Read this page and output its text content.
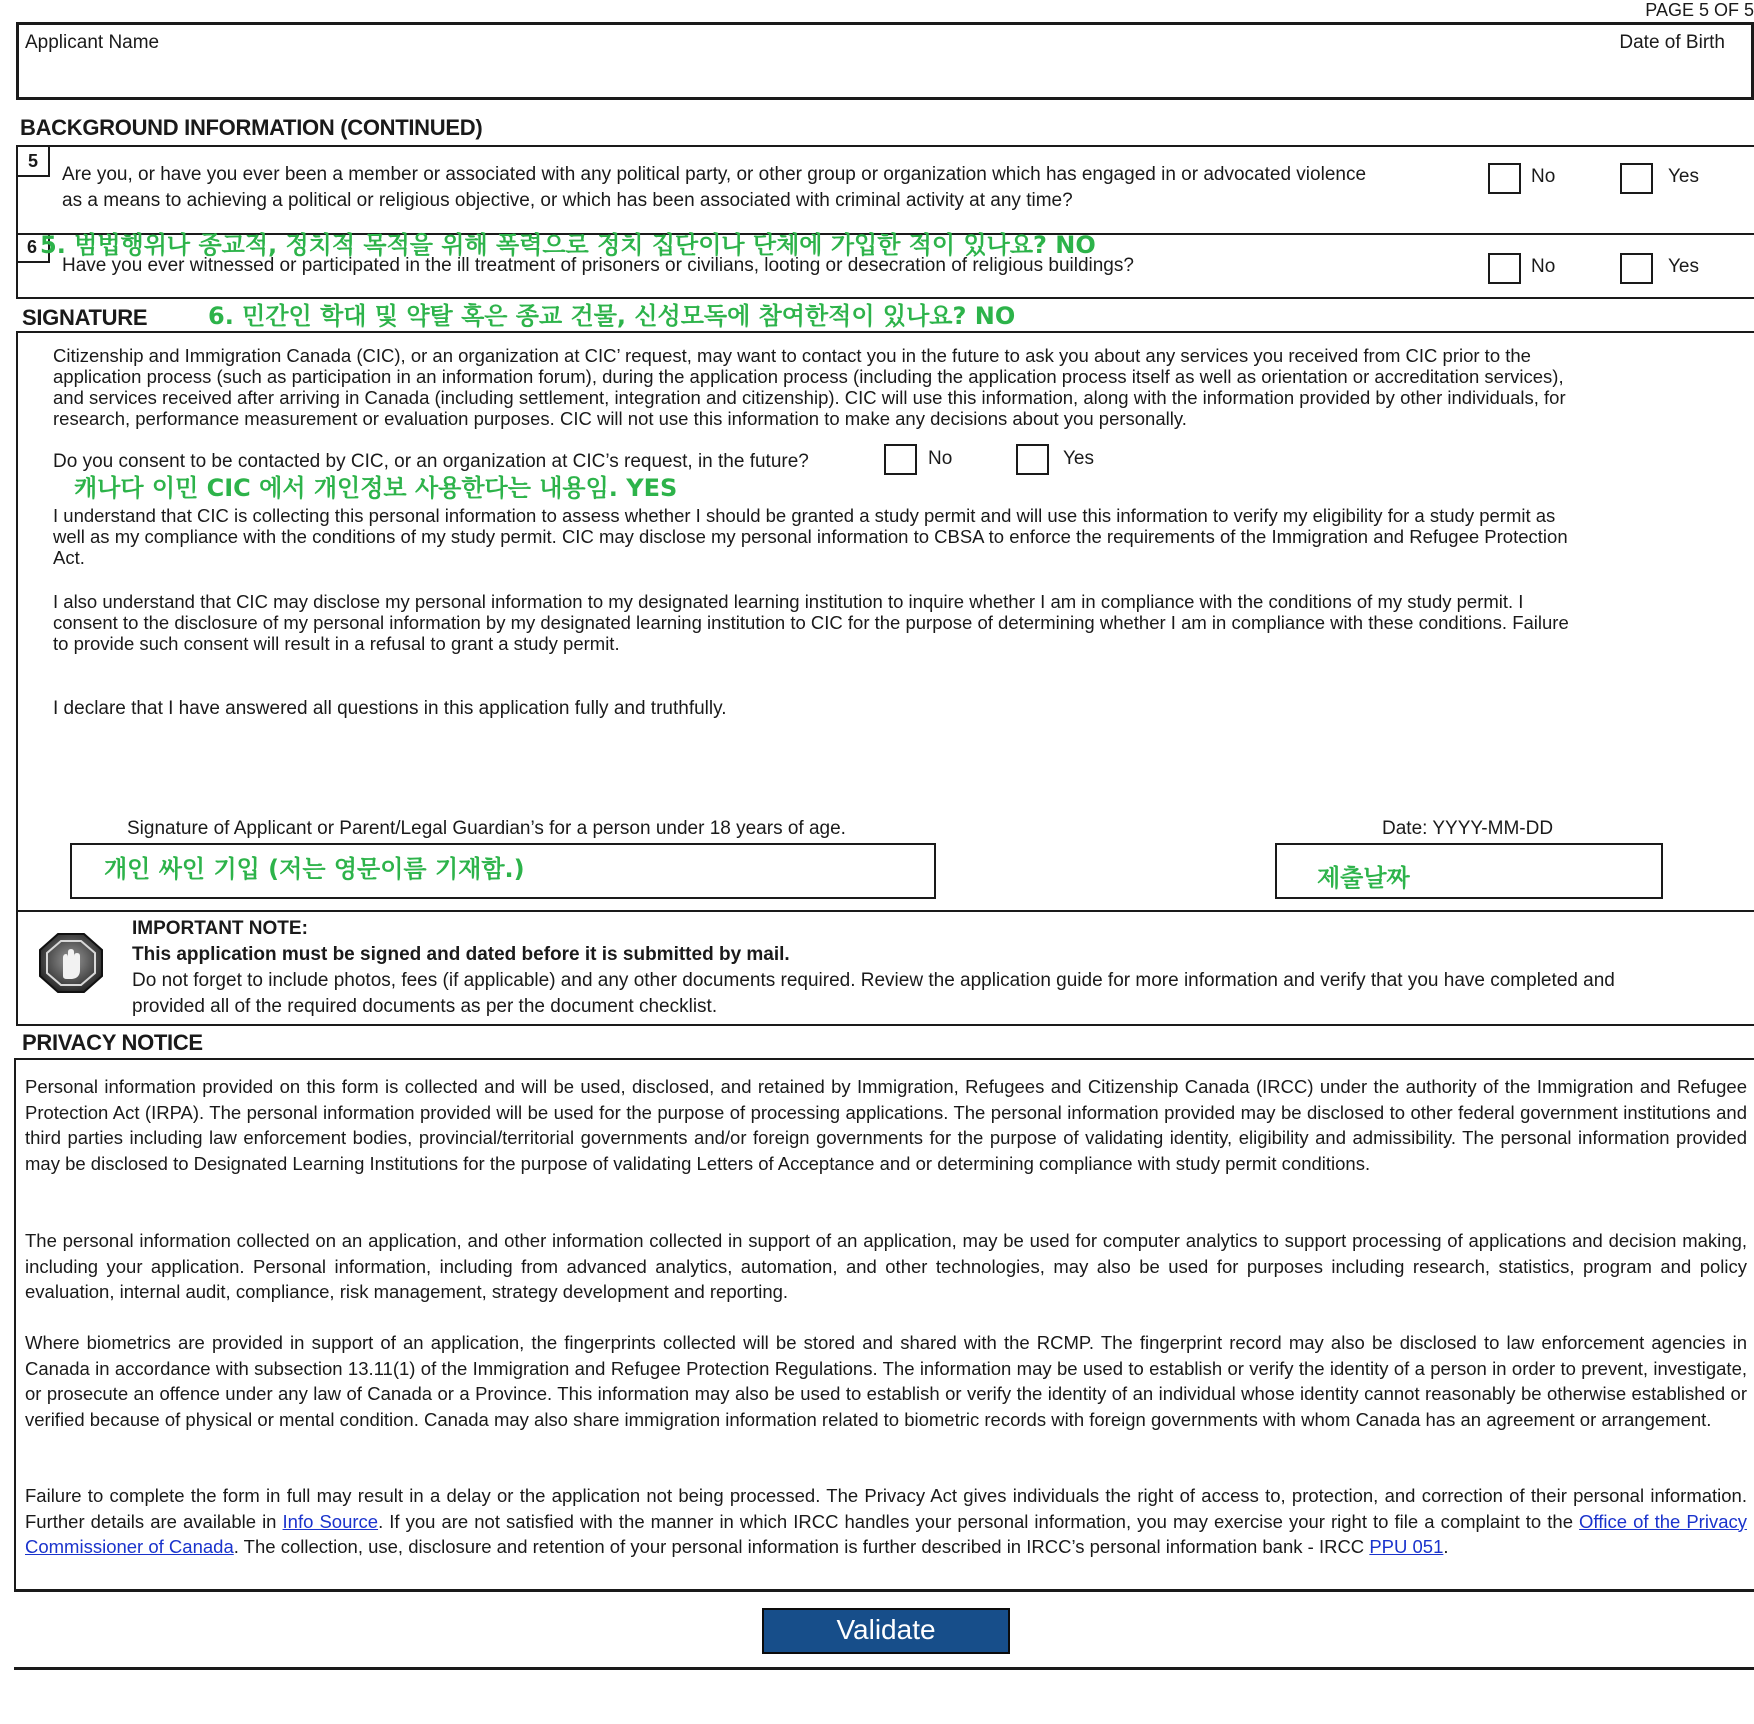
PAGE 5 OF 5
Applicant Name	Date of Birth
BACKGROUND INFORMATION (CONTINUED)
5
Are you, or have you ever been a member or associated with any political party, or other group or organization which has engaged in or advocated violence
as a means to achieving a political or religious objective, or which has been associated with criminal activity at any time?
No	Yes
6
Have you ever witnessed or participated in the ill treatment of prisoners or civilians, looting or desecration of religious buildings?	No	Yes
5. 범법행위나 종교적, 정치적 목적을 위해 폭력으로 정치 집단이나 단체에 가입한 적이 있나요? NO
SIGNATURE	6. 민간인 학대 및 약탈 혹은 종교 건물, 신성모독에 참여한적이 있나요? NO
Citizenship and Immigration Canada (CIC), or an organization at CIC’ request, may want to contact you in the future to ask you about any services you received from CIC prior to the
application process (such as participation in an information forum), during the application process (including the application process itself as well as orientation or accreditation services),
and services received after arriving in Canada (including settlement, integration and citizenship). CIC will use this information, along with the information provided by other individuals, for
research, performance measurement or evaluation purposes. CIC will not use this information to make any decisions about you personally.
Do you consent to be contacted by CIC, or an organization at CIC’s request, in the future?	No	Yes
캐나다 이민 CIC 에서 개인정보 사용한다는 내용임. YES
I understand that CIC is collecting this personal information to assess whether I should be granted a study permit and will use this information to verify my eligibility for a study permit as
well as my compliance with the conditions of my study permit. CIC may disclose my personal information to CBSA to enforce the requirements of the Immigration and Refugee Protection
Act.
I also understand that CIC may disclose my personal information to my designated learning institution to inquire whether I am in compliance with the conditions of my study permit. I
consent to the disclosure of my personal information by my designated learning institution to CIC for the purpose of determining whether I am in compliance with these conditions. Failure
to provide such consent will result in a refusal to grant a study permit.
I declare that I have answered all questions in this application fully and truthfully.
Signature of Applicant or Parent/Legal Guardian’s for a person under 18 years of age.	Date: YYYY-MM-DD
개인 싸인 기입 (저는 영문이름 기재함.)	제출날짜
IMPORTANT NOTE:
This application must be signed and dated before it is submitted by mail.
Do not forget to include photos, fees (if applicable) and any other documents required. Review the application guide for more information and verify that you have completed and
provided all of the required documents as per the document checklist.
PRIVACY NOTICE

Personal information provided on this form is collected and will be used, disclosed, and retained by Immigration, Refugees and Citizenship Canada (IRCC) under the authority of the Immigration and Refugee Protection Act (IRPA). The personal information provided will be used for the purpose of processing applications. The personal information provided may be disclosed to other federal government institutions and third parties including law enforcement bodies, provincial/territorial governments and/or foreign governments for the purpose of validating identity, eligibility and admissibility. The personal information provided may be disclosed to Designated Learning Institutions for the purpose of validating Letters of Acceptance and or determining compliance with study permit conditions.

The personal information collected on an application, and other information collected in support of an application, may be used for computer analytics to support processing of applications and decision making, including your application. Personal information, including from advanced analytics, automation, and other technologies, may also be used for purposes including research, statistics, program and policy evaluation, internal audit, compliance, risk management, strategy development and reporting.

Where biometrics are provided in support of an application, the fingerprints collected will be stored and shared with the RCMP. The fingerprint record may also be disclosed to law enforcement agencies in Canada in accordance with subsection 13.11(1) of the Immigration and Refugee Protection Regulations. The information may be used to establish or verify the identity of a person in order to prevent, investigate, or prosecute an offence under any law of Canada or a Province. This information may also be used to establish or verify the identity of an individual whose identity cannot reasonably be otherwise established or verified because of physical or mental condition. Canada may also share immigration information related to biometric records with foreign governments with whom Canada has an agreement or arrangement.

Failure to complete the form in full may result in a delay or the application not being processed. The Privacy Act gives individuals the right of access to, protection, and correction of their personal information. Further details are available in Info Source. If you are not satisfied with the manner in which IRCC handles your personal information, you may exercise your right to file a complaint to the Office of the Privacy Commissioner of Canada. The collection, use, disclosure and retention of your personal information is further described in IRCC’s personal information bank - IRCC PPU 051.

Validate
